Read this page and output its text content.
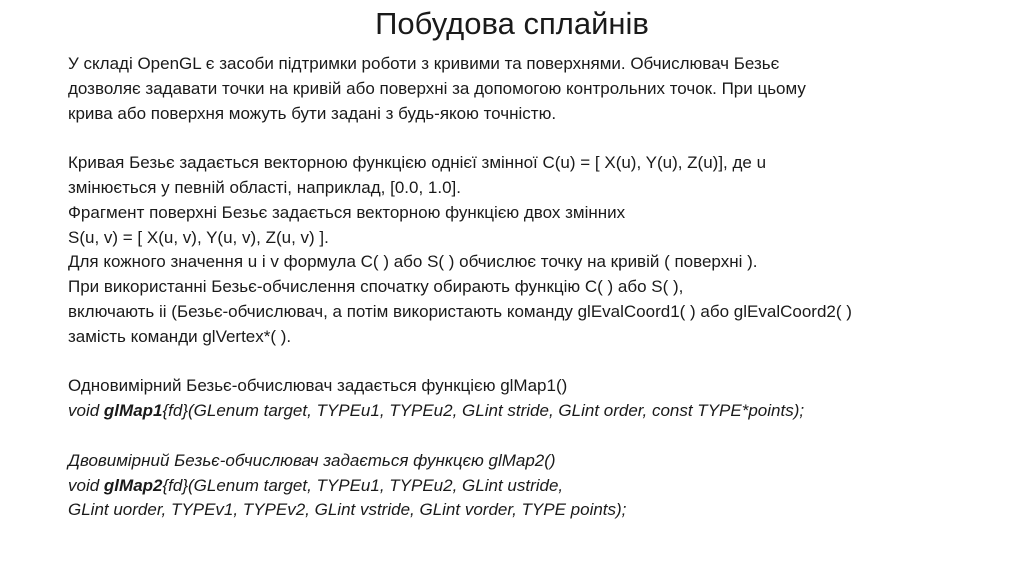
Побудова сплайнів
У складі OpenGL є засоби підтримки роботи з кривими та поверхнями. Обчислювач Безьє
дозволяє задавати точки на кривій або поверхні за допомогою контрольних точок. При цьому
крива або поверхня можуть бути задані з будь-якою точністю.
Кривая Безьє задається векторною функцією однієї змінної C(u) = [ X(u), Y(u), Z(u)], де u
змінюється у певній області, наприклад, [0.0, 1.0].
Фрагмент поверхні Безьє задається векторною функцією двох змінних
S(u, v) = [ X(u, v), Y(u, v), Z(u, v) ].
Для кожного значення u і v формула C( ) або S( ) обчислює точку на кривій ( поверхні ).
При використанні Безьє-обчислення спочатку обирають функцію C( ) або S( ),
включають іі (Безьє-обчислювач, а потім використають команду glEvalCoord1( ) або glEvalCoord2( )
замість команди glVertex*( ).
Одновимірний Безьє-обчислювач задається функцією glMap1()
void glMap1{fd}(GLenum target, TYPEu1, TYPEu2, GLint stride, GLint order, const TYPE*points);
Двовимірний Безьє-обчислювач задається функцєю glMap2()
void glMap2{fd}(GLenum target, TYPEu1, TYPEu2, GLint ustride,
GLint uorder, TYPEv1, TYPEv2, GLint vstride, GLint vorder, TYPE points);
